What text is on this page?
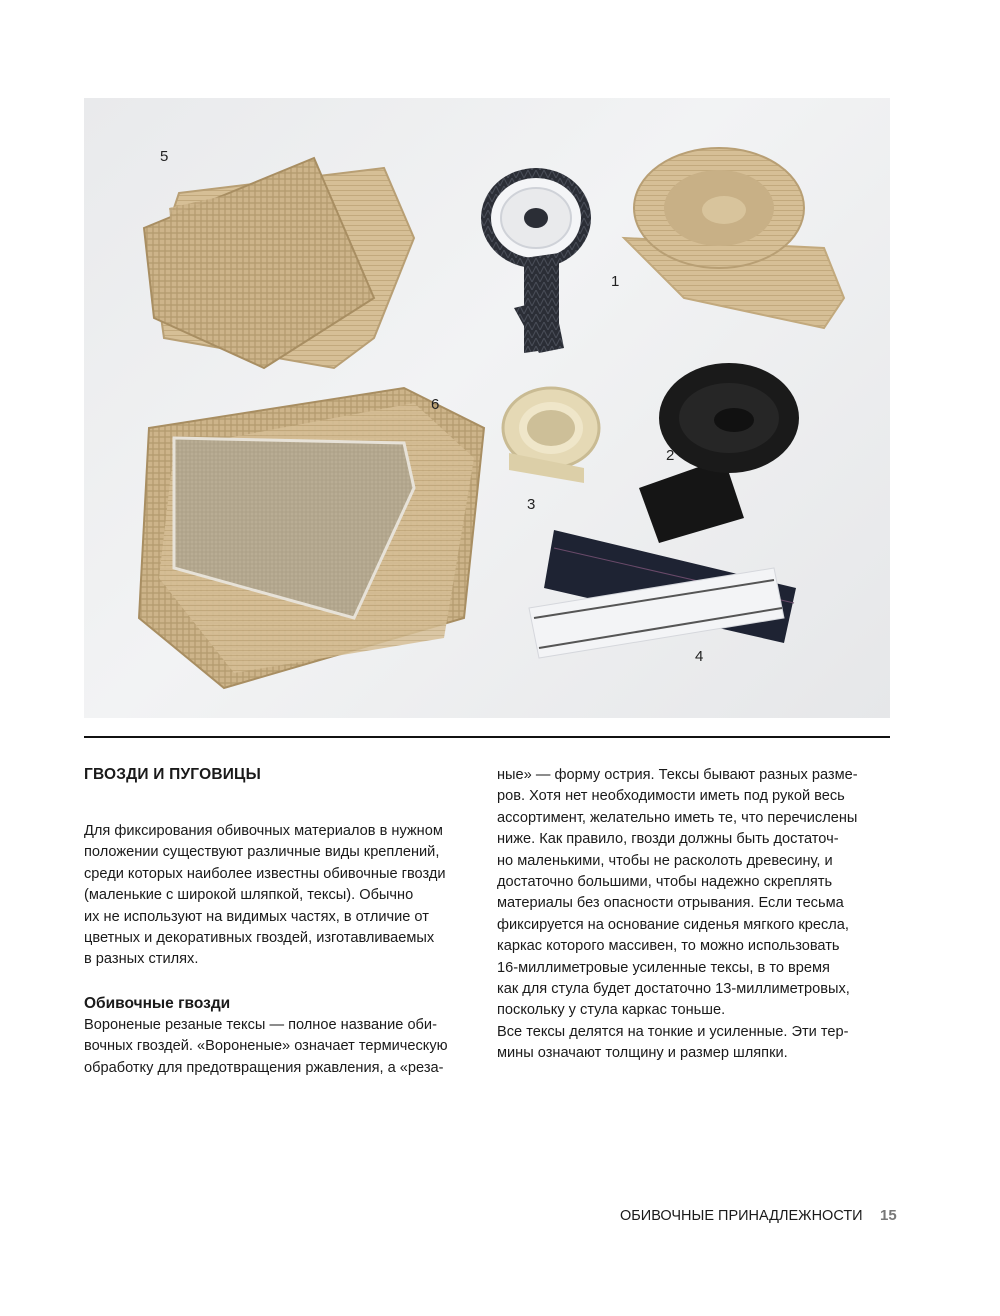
5
1
6
2
3
4
ГВОЗДИ И ПУГОВИЦЫ

Для фиксирования обивочных материалов в нужном

положении существуют различные виды креплений,

среди которых наиболее известны обивочные гвозди

(маленькие с широкой шляпкой, тексы). Обычно

их не используют на видимых частях, в отличие от

цветных и декоративных гвоздей, изготавливаемых

в разных стилях.

Обивочные гвозди

Вороненые резаные тексы — полное название оби-

вочных гвоздей. «Вороненые» означает термическую

обработку для предотвращения ржавления, а «реза-

ные» — форму острия. Тексы бывают разных разме-

ров. Хотя нет необходимости иметь под рукой весь

ассортимент, желательно иметь те, что перечислены

ниже. Как правило, гвозди должны быть достаточ-

но маленькими, чтобы не расколоть древесину, и

достаточно большими, чтобы надежно скреплять

материалы без опасности отрывания. Если тесьма

фиксируется на основание сиденья мягкого кресла,

каркас которого массивен, то можно использовать

16-миллиметровые усиленные тексы, в то время

как для стула будет достаточно 13-миллиметровых,

поскольку у стула каркас тоньше.

Все тексы делятся на тонкие и усиленные. Эти тер-

мины означают толщину и размер шляпки.

ОБИВОЧНЫЕ ПРИНАДЛЕЖНОСТИ 15
